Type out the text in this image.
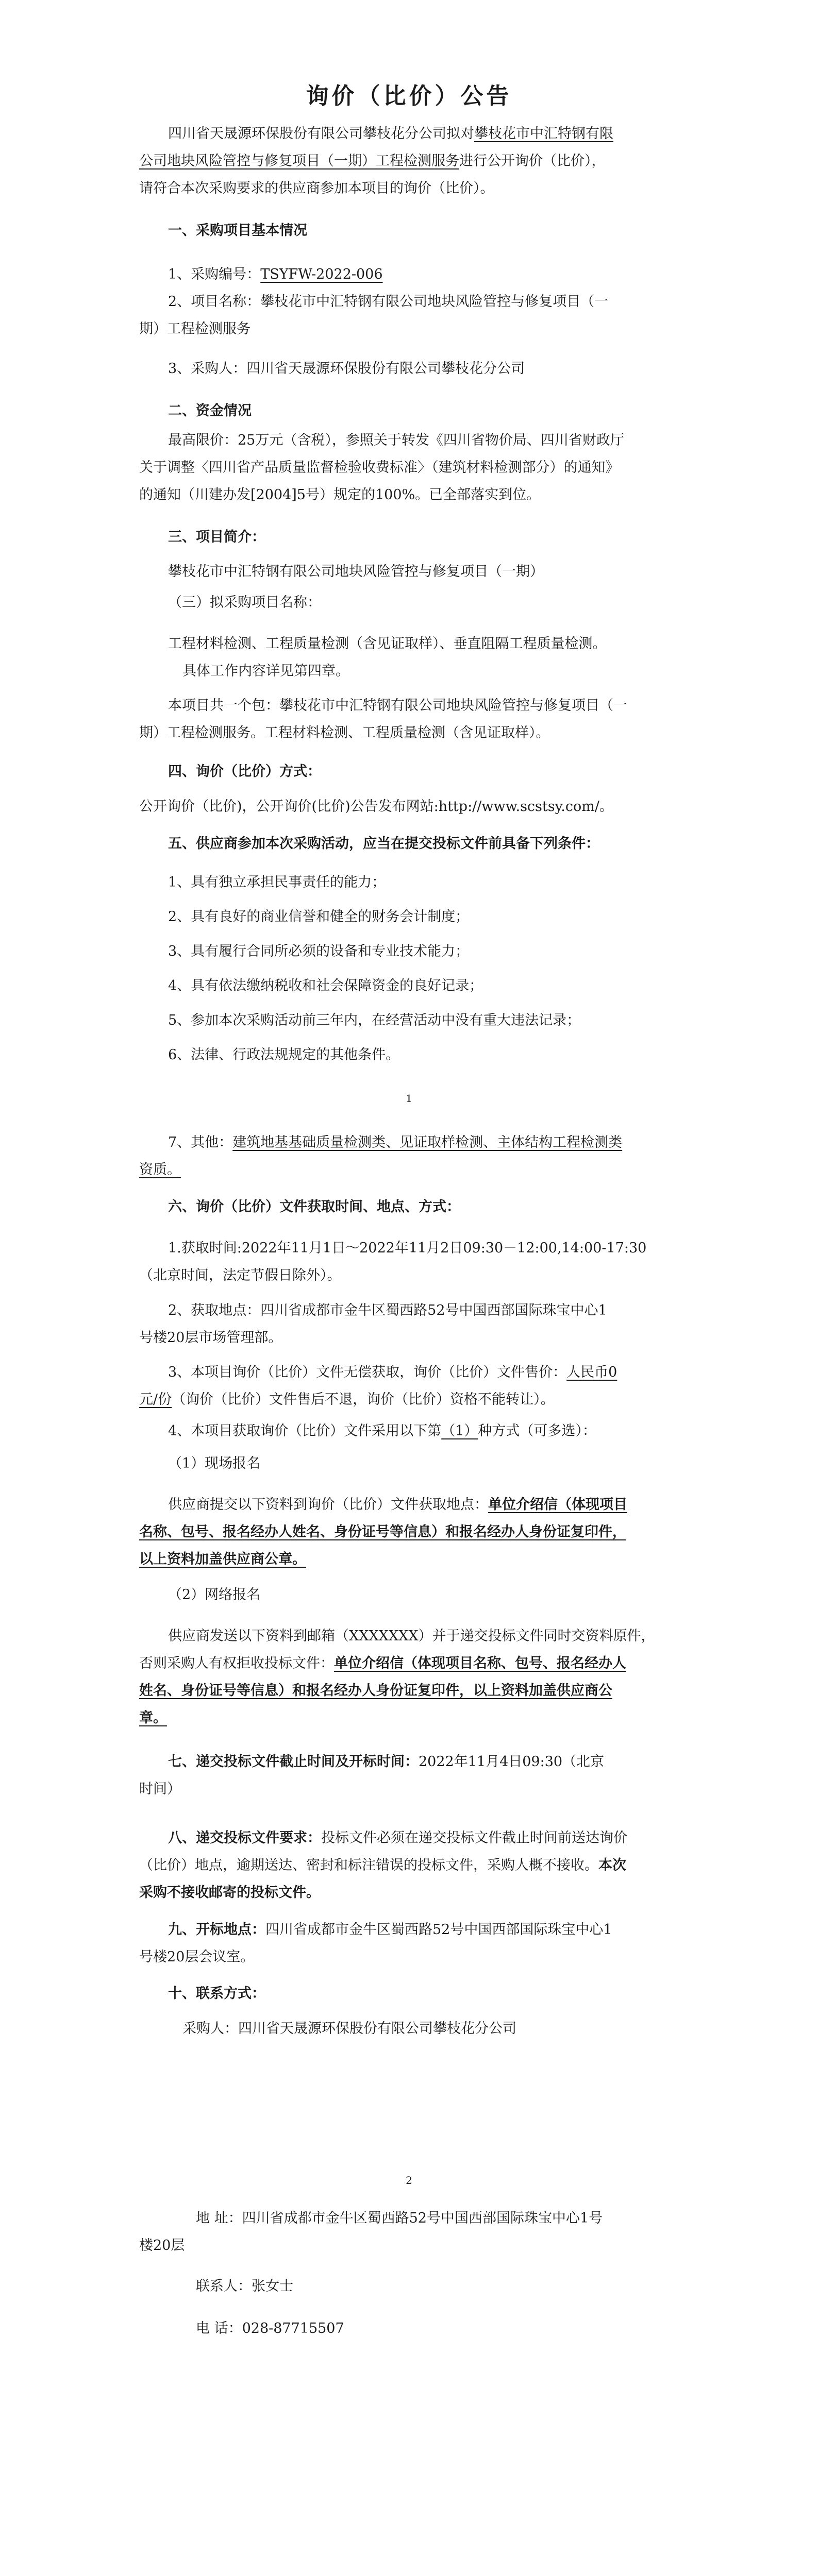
询价（比价）公告
四川省天晟源环保股份有限公司攀枝花分公司拟对攀枝花市中汇特钢有限
公司地块风险管控与修复项目（一期）工程检测服务进行公开询价（比价），
请符合本次采购要求的供应商参加本项目的询价（比价）。
一、采购项目基本情况
1、采购编号：TSYFW-2022-006
2、项目名称：攀枝花市中汇特钢有限公司地块风险管控与修复项目（一
期）工程检测服务
3、采购人：四川省天晟源环保股份有限公司攀枝花分公司
二、资金情况
最高限价：25万元（含税），参照关于转发《四川省物价局、四川省财政厅
关于调整〈四川省产品质量监督检验收费标准〉（建筑材料检测部分）的通知》
的通知（川建办发[2004]5号）规定的100%。已全部落实到位。
三、项目简介：
攀枝花市中汇特钢有限公司地块风险管控与修复项目（一期）
（三）拟采购项目名称：
工程材料检测、工程质量检测（含见证取样）、垂直阻隔工程质量检测。
具体工作内容详见第四章。
本项目共一个包：攀枝花市中汇特钢有限公司地块风险管控与修复项目（一
期）工程检测服务。工程材料检测、工程质量检测（含见证取样）。
四、询价（比价）方式：
公开询价（比价)，公开询价(比价)公告发布网站:http://www.scstsy.com/。
五、供应商参加本次采购活动，应当在提交投标文件前具备下列条件：
1、具有独立承担民事责任的能力；
2、具有良好的商业信誉和健全的财务会计制度；
3、具有履行合同所必须的设备和专业技术能力；
4、具有依法缴纳税收和社会保障资金的良好记录；
5、参加本次采购活动前三年内，在经营活动中没有重大违法记录；
6、法律、行政法规规定的其他条件。
1
7、其他：建筑地基基础质量检测类、见证取样检测、主体结构工程检测类
资质。
六、询价（比价）文件获取时间、地点、方式：
1.获取时间:2022年11月1日～2022年11月2日09:30－12:00,14:00-17:30
（北京时间，法定节假日除外）。
2、获取地点：四川省成都市金牛区蜀西路52号中国西部国际珠宝中心1
号楼20层市场管理部。
3、本项目询价（比价）文件无偿获取，询价（比价）文件售价：人民币0
元/份（询价（比价）文件售后不退，询价（比价）资格不能转让）。
4、本项目获取询价（比价）文件采用以下第（1）种方式（可多选）：
（1）现场报名
供应商提交以下资料到询价（比价）文件获取地点：单位介绍信（体现项目
名称、包号、报名经办人姓名、身份证号等信息）和报名经办人身份证复印件，
以上资料加盖供应商公章。
（2）网络报名
供应商发送以下资料到邮箱（XXXXXXX）并于递交投标文件同时交资料原件，
否则采购人有权拒收投标文件：单位介绍信（体现项目名称、包号、报名经办人
姓名、身份证号等信息）和报名经办人身份证复印件，以上资料加盖供应商公
章。
七、递交投标文件截止时间及开标时间：2022年11月4日09:30（北京
时间）
八、递交投标文件要求：投标文件必须在递交投标文件截止时间前送达询价
（比价）地点，逾期送达、密封和标注错误的投标文件，采购人概不接收。本次
采购不接收邮寄的投标文件。
九、开标地点：四川省成都市金牛区蜀西路52号中国西部国际珠宝中心1
号楼20层会议室。
十、联系方式：
采购人：四川省天晟源环保股份有限公司攀枝花分公司
2
地 址：四川省成都市金牛区蜀西路52号中国西部国际珠宝中心1号
楼20层
联系人：张女士
电 话：028-87715507
